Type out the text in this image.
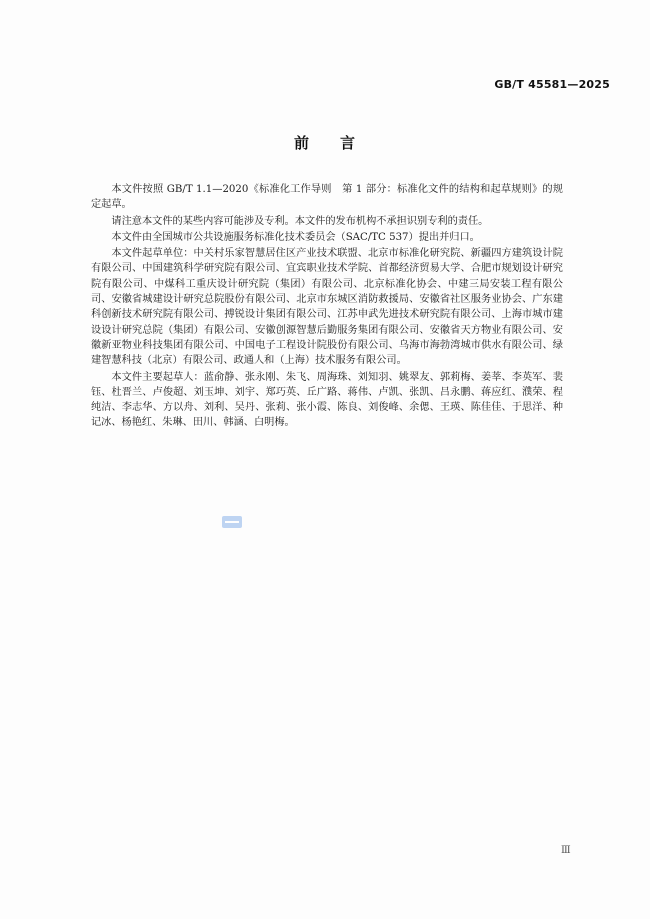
GB/T 45581—2025
前 言

本文件按照 GB/T 1.1—2020《标准化工作导则　第 1 部分：标准化文件的结构和起草规则》的规定起草。

请注意本文件的某些内容可能涉及专利。本文件的发布机构不承担识别专利的责任。

本文件由全国城市公共设施服务标准化技术委员会（SAC/TC 537）提出并归口。

本文件起草单位：中关村乐家智慧居住区产业技术联盟、北京市标准化研究院、新疆四方建筑设计院有限公司、中国建筑科学研究院有限公司、宜宾职业技术学院、首都经济贸易大学、合肥市规划设计研究院有限公司、中煤科工重庆设计研究院（集团）有限公司、北京标准化协会、中建三局安装工程有限公司、安徽省城建设计研究总院股份有限公司、北京市东城区消防救援局、安徽省社区服务业协会、广东建科创新技术研究院有限公司、搏锐设计集团有限公司、江苏申武先进技术研究院有限公司、上海市城市建设设计研究总院（集团）有限公司、安徽创源智慧后勤服务集团有限公司、安徽省天方物业有限公司、安徽新亚物业科技集团有限公司、中国电子工程设计院股份有限公司、乌海市海勃湾城市供水有限公司、绿建智慧科技（北京）有限公司、政通人和（上海）技术服务有限公司。

本文件主要起草人：蓝俞静、张永刚、朱飞、周海珠、刘知羽、姚翠友、郭莉梅、姜莘、李英军、裴钰、杜晋兰、卢俊超、刘玉坤、刘宇、郑巧英、丘广路、蒋伟、卢凯、张凯、吕永鹏、蒋应红、濮荣、程纯洁、李志华、方以舟、刘利、吴丹、张莉、张小霞、陈良、刘俊峰、余偲、王瑛、陈佳佳、于思洋、种记冰、杨艳红、朱琳、田川、韩涵、白明梅。

Ⅲ
